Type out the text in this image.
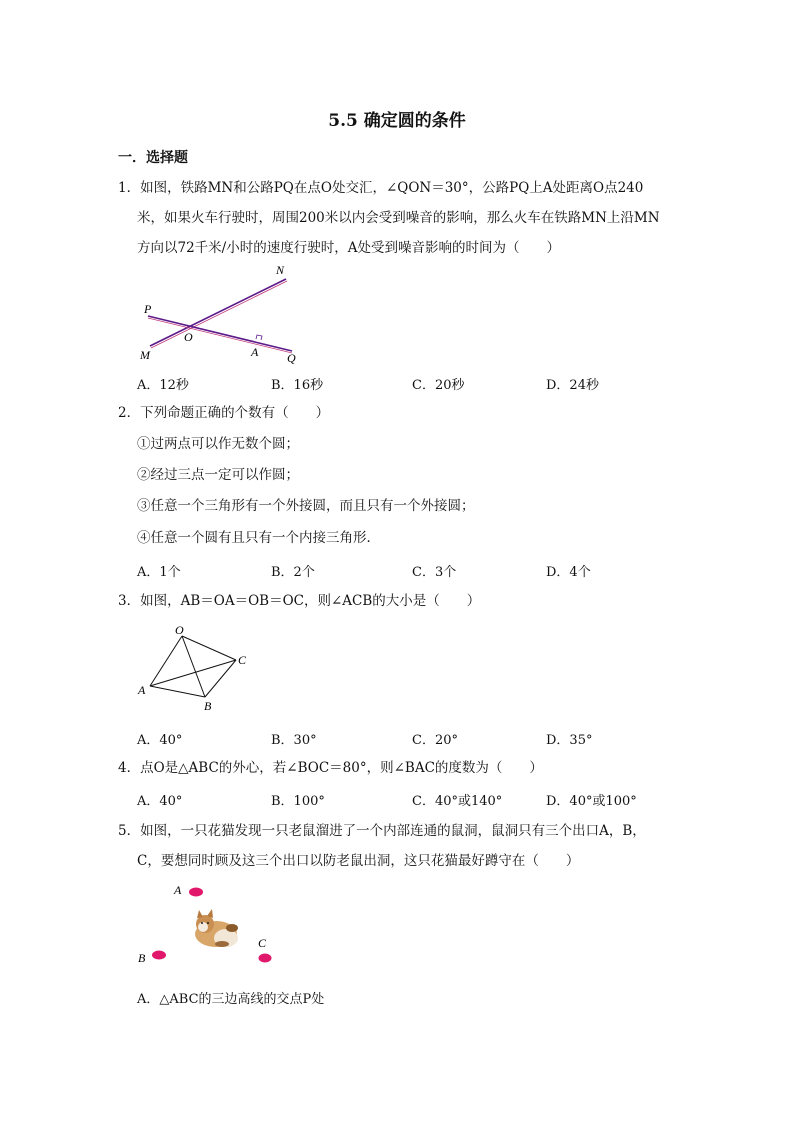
5.5 确定圆的条件
一．选择题
1．如图，铁路MN和公路PQ在点O处交汇，∠QON＝30°，公路PQ上A处距离O点240
米，如果火车行驶时，周围200米以内会受到噪音的影响，那么火车在铁路MN上沿MN
方向以72千米/小时的速度行驶时，A处受到噪音影响的时间为（　　）
N
P
O
A
M	Q
A．12秒	B．16秒	C．20秒	D．24秒
2．下列命题正确的个数有（　　）
①过两点可以作无数个圆；
②经过三点一定可以作圆；
③任意一个三角形有一个外接圆，而且只有一个外接圆；
④任意一个圆有且只有一个内接三角形．
A．1个	B．2个	C．3个	D．4个
3．如图，AB＝OA＝OB＝OC，则∠ACB的大小是（　　）
O
C
A
B
A．40°	B．30°	C．20°	D．35°
4．点O是△ABC的外心，若∠BOC＝80°，则∠BAC的度数为（　　）
A．40°	B．100°	C．40°或140°	D．40°或100°
5．如图，一只花猫发现一只老鼠溜进了一个内部连通的鼠洞，鼠洞只有三个出口A，B，
C，要想同时顾及这三个出口以防老鼠出洞，这只花猫最好蹲守在（　　）
A
C
B
A．△ABC的三边高线的交点P处
